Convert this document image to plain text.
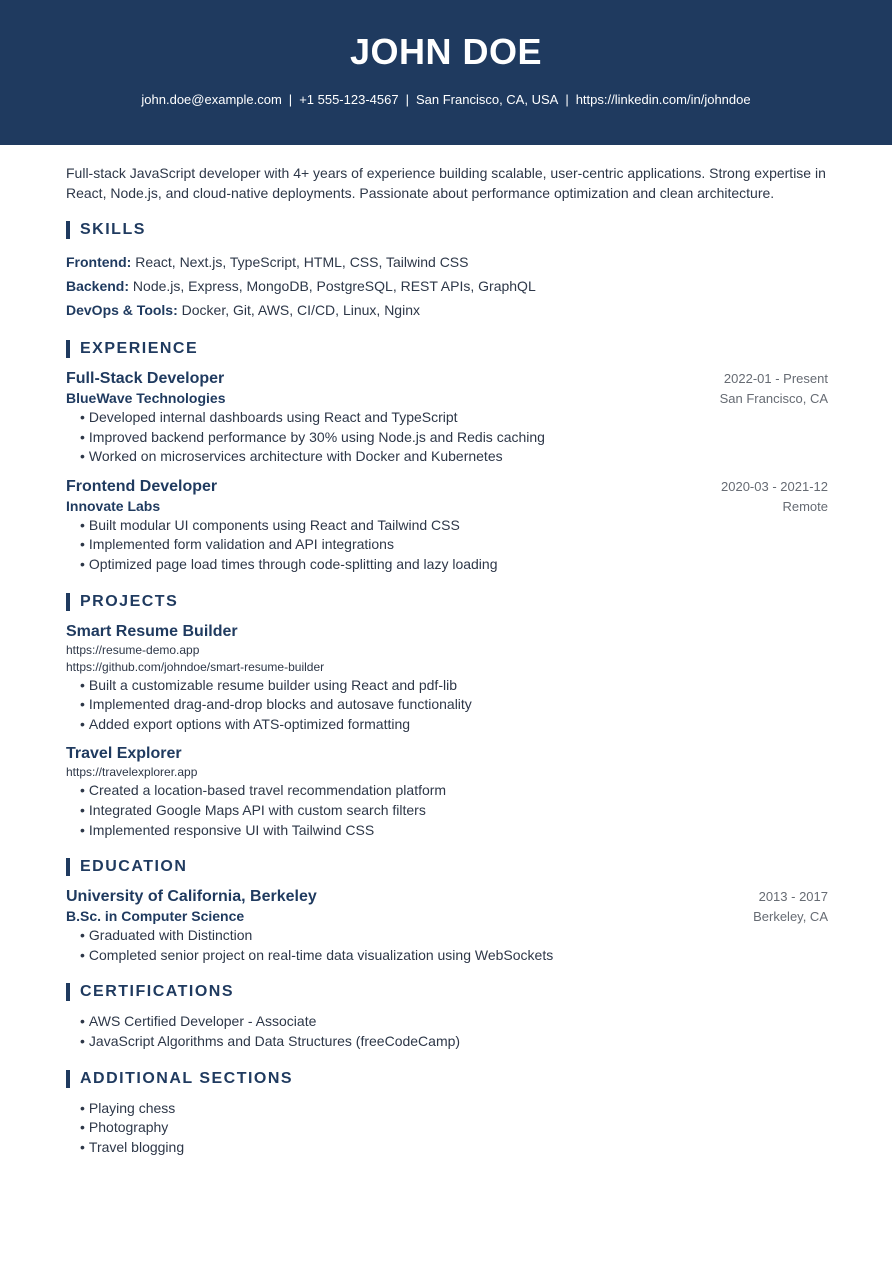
JOHN DOE
john.doe@example.com | +1 555-123-4567 | San Francisco, CA, USA | https://linkedin.com/in/johndoe

Full-stack JavaScript developer with 4+ years of experience building scalable, user-centric applications. Strong expertise in React, Node.js, and cloud-native deployments. Passionate about performance optimization and clean architecture.

SKILLS
Frontend: React, Next.js, TypeScript, HTML, CSS, Tailwind CSS
Backend: Node.js, Express, MongoDB, PostgreSQL, REST APIs, GraphQL
DevOps & Tools: Docker, Git, AWS, CI/CD, Linux, Nginx
EXPERIENCE
Full-Stack Developer	2022-01 - Present
BlueWave Technologies	San Francisco, CA
• Developed internal dashboards using React and TypeScript
• Improved backend performance by 30% using Node.js and Redis caching
• Worked on microservices architecture with Docker and Kubernetes
Frontend Developer	2020-03 - 2021-12
Innovate Labs	Remote
• Built modular UI components using React and Tailwind CSS
• Implemented form validation and API integrations
• Optimized page load times through code-splitting and lazy loading
PROJECTS
Smart Resume Builder
https://resume-demo.app
https://github.com/johndoe/smart-resume-builder
• Built a customizable resume builder using React and pdf-lib
• Implemented drag-and-drop blocks and autosave functionality
• Added export options with ATS-optimized formatting
Travel Explorer
https://travelexplorer.app
• Created a location-based travel recommendation platform
• Integrated Google Maps API with custom search filters
• Implemented responsive UI with Tailwind CSS
EDUCATION
University of California, Berkeley	2013 - 2017
B.Sc. in Computer Science	Berkeley, CA
• Graduated with Distinction
• Completed senior project on real-time data visualization using WebSockets
CERTIFICATIONS
• AWS Certified Developer - Associate
• JavaScript Algorithms and Data Structures (freeCodeCamp)
ADDITIONAL SECTIONS
• Playing chess
• Photography
• Travel blogging
